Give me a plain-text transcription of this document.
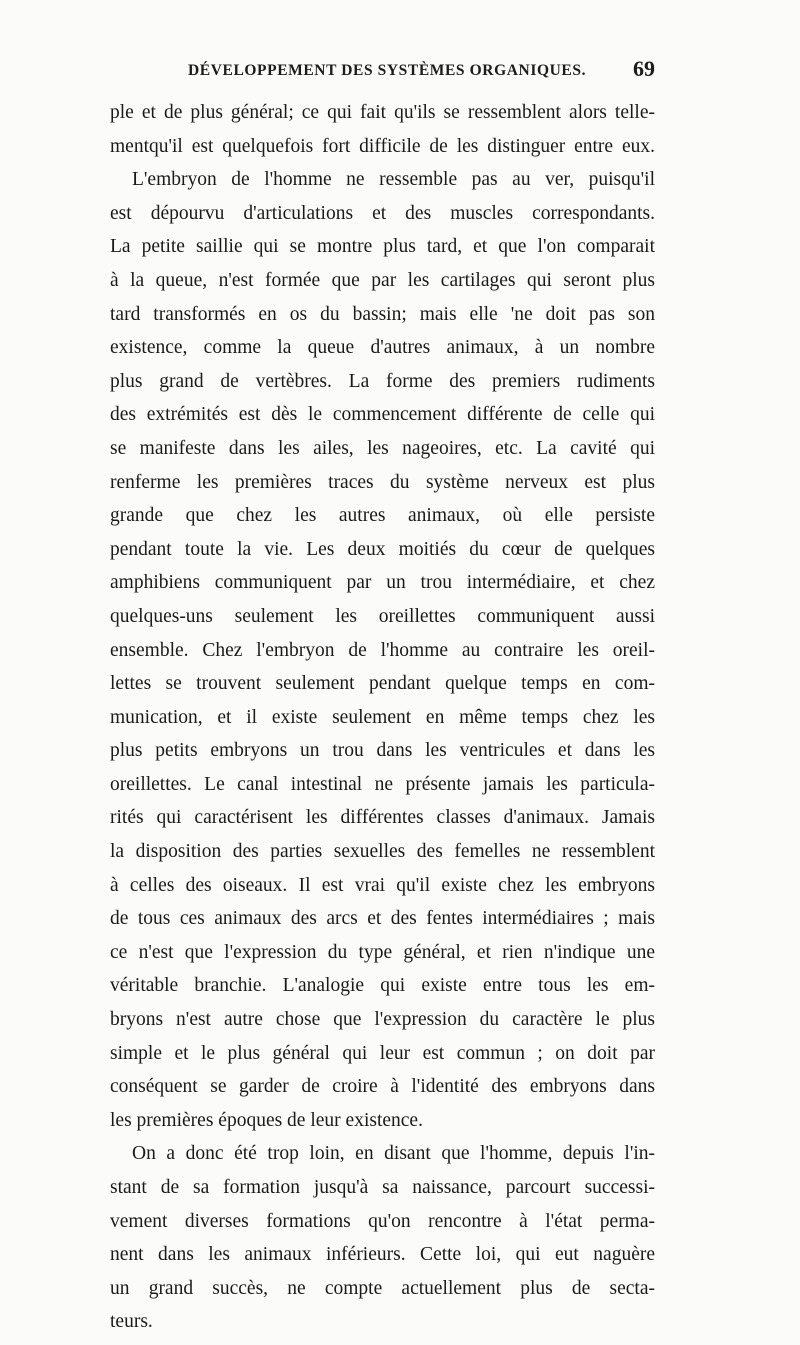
DÉVELOPPEMENT DES SYSTÈMES ORGANIQUES. 69
ple et de plus général; ce qui fait qu'ils se ressemblent alors telle-
mentqu'il est quelquefois fort difficile de les distinguer entre eux.
L'embryon de l'homme ne ressemble pas au ver, puisqu'il
est dépourvu d'articulations et des muscles correspondants.
La petite saillie qui se montre plus tard, et que l'on comparait
à la queue, n'est formée que par les cartilages qui seront plus
tard transformés en os du bassin; mais elle 'ne doit pas son
existence, comme la queue d'autres animaux, à un nombre
plus grand de vertèbres. La forme des premiers rudiments
des extrémités est dès le commencement différente de celle qui
se manifeste dans les ailes, les nageoires, etc. La cavité qui
renferme les premières traces du système nerveux est plus
grande que chez les autres animaux, où elle persiste
pendant toute la vie. Les deux moitiés du cœur de quelques
amphibiens communiquent par un trou intermédiaire, et chez
quelques-uns seulement les oreillettes communiquent aussi
ensemble. Chez l'embryon de l'homme au contraire les oreil-
lettes se trouvent seulement pendant quelque temps en com-
munication, et il existe seulement en même temps chez les
plus petits embryons un trou dans les ventricules et dans les
oreillettes. Le canal intestinal ne présente jamais les particula-
rités qui caractérisent les différentes classes d'animaux. Jamais
la disposition des parties sexuelles des femelles ne ressemblent
à celles des oiseaux. Il est vrai qu'il existe chez les embryons
de tous ces animaux des arcs et des fentes intermédiaires ; mais
ce n'est que l'expression du type général, et rien n'indique une
véritable branchie. L'analogie qui existe entre tous les em-
bryons n'est autre chose que l'expression du caractère le plus
simple et le plus général qui leur est commun ; on doit par
conséquent se garder de croire à l'identité des embryons dans
les premières époques de leur existence.
On a donc été trop loin, en disant que l'homme, depuis l'in-
stant de sa formation jusqu'à sa naissance, parcourt successi-
vement diverses formations qu'on rencontre à l'état perma-
nent dans les animaux inférieurs. Cette loi, qui eut naguère
un grand succès, ne compte actuellement plus de secta-
teurs.
